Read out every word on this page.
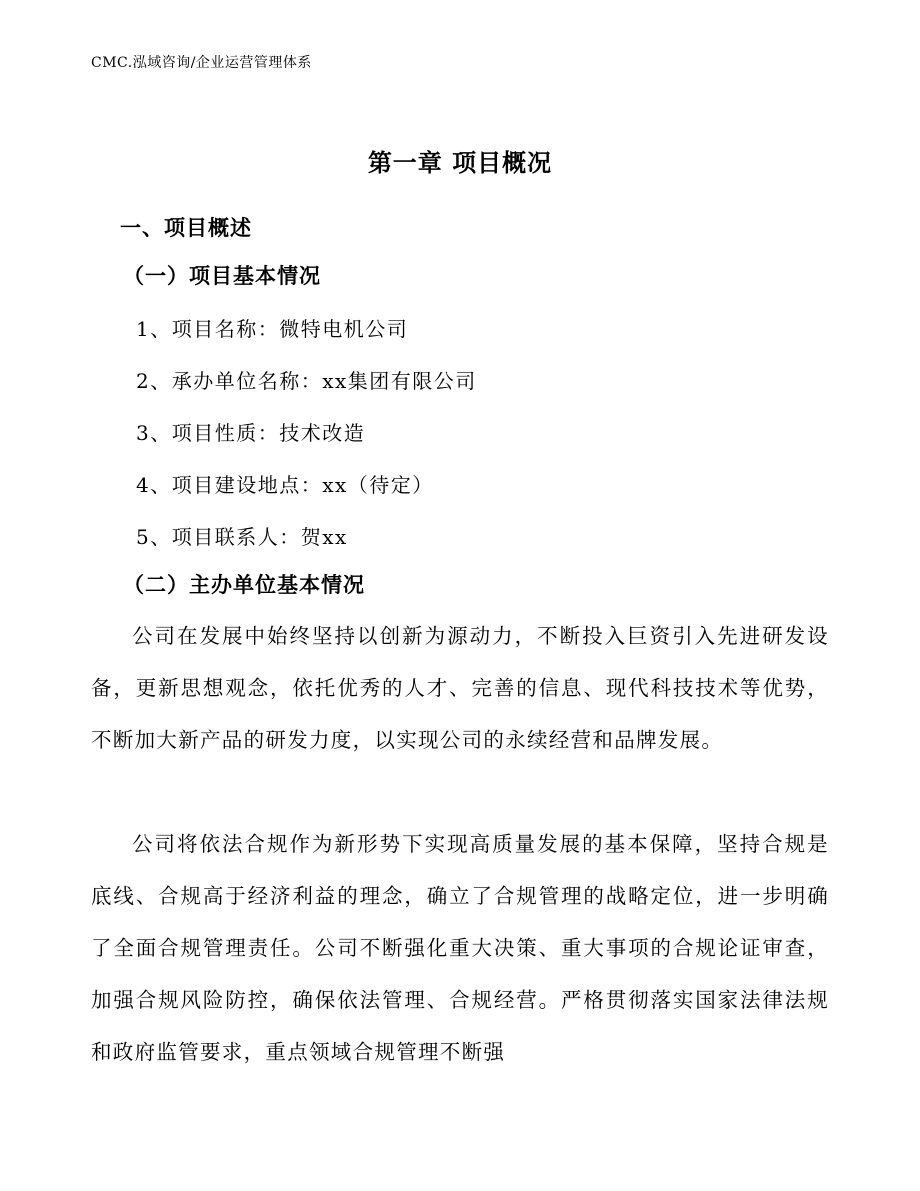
CMC.泓域咨询/企业运营管理体系
第一章 项目概况
一、项目概述
（一）项目基本情况
1、项目名称：微特电机公司
2、承办单位名称：xx集团有限公司
3、项目性质：技术改造
4、项目建设地点：xx（待定）
5、项目联系人：贺xx
（二）主办单位基本情况

公司在发展中始终坚持以创新为源动力，不断投入巨资引入先进研发设备，更新思想观念，依托优秀的人才、完善的信息、现代科技技术等优势，不断加大新产品的研发力度，以实现公司的永续经营和品牌发展。

公司将依法合规作为新形势下实现高质量发展的基本保障，坚持合规是底线、合规高于经济利益的理念，确立了合规管理的战略定位，进一步明确了全面合规管理责任。公司不断强化重大决策、重大事项的合规论证审查，加强合规风险防控，确保依法管理、合规经营。严格贯彻落实国家法律法规和政府监管要求，重点领域合规管理不断强
